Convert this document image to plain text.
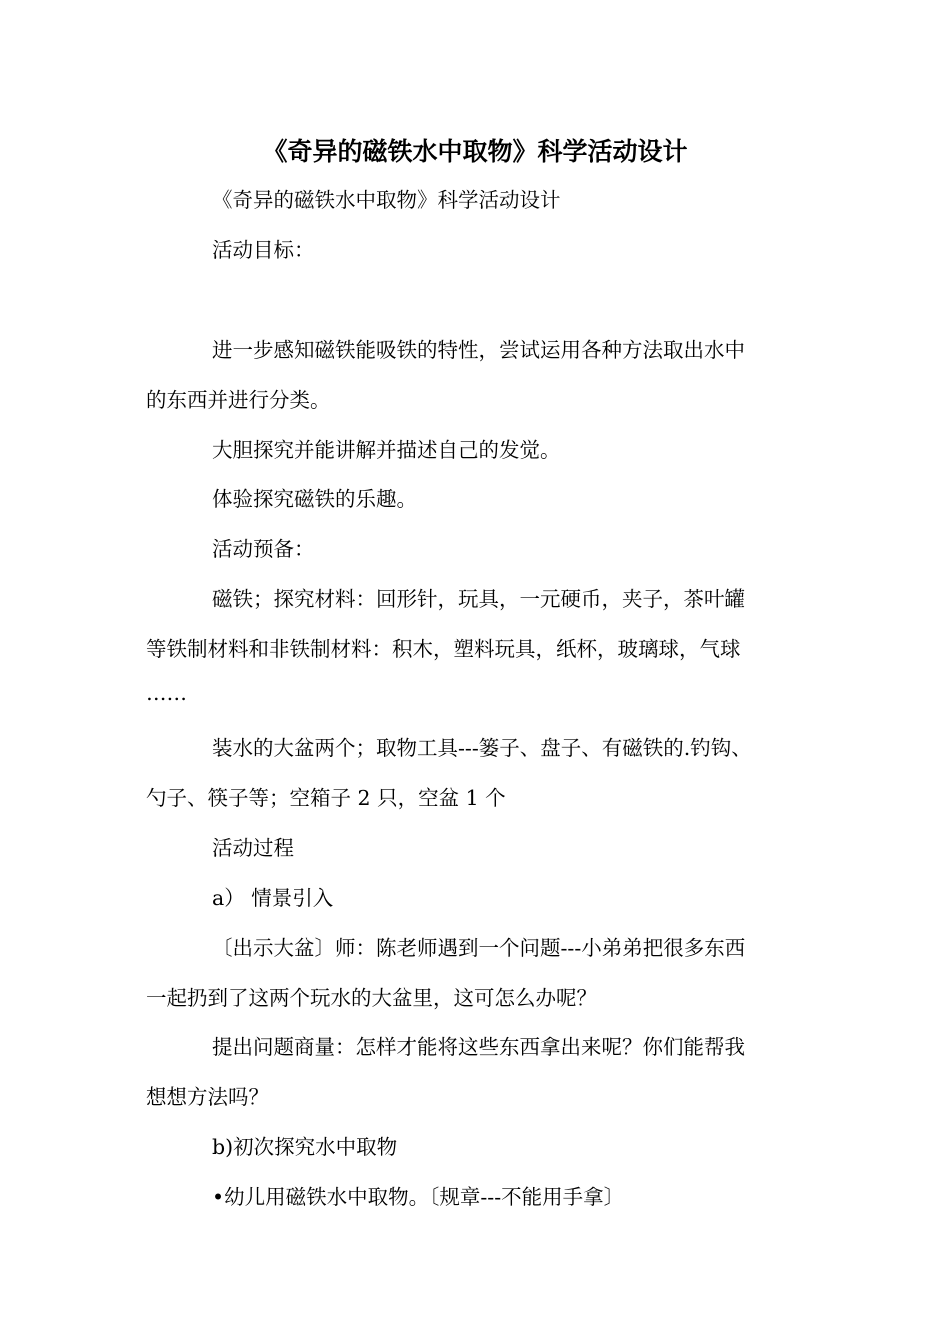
《奇异的磁铁水中取物》科学活动设计
《奇异的磁铁水中取物》科学活动设计
活动目标：
进一步感知磁铁能吸铁的特性，尝试运用各种方法取出水中
的东西并进行分类。
大胆探究并能讲解并描述自己的发觉。
体验探究磁铁的乐趣。
活动预备：
磁铁；探究材料：回形针，玩具，一元硬币，夹子，茶叶罐
等铁制材料和非铁制材料：积木，塑料玩具，纸杯，玻璃球，气球
……
装水的大盆两个；取物工具---篓子、盘子、有磁铁的.钓钩、
勺子、筷子等；空箱子 2 只，空盆 1 个
活动过程
a） 情景引入
〔出示大盆〕师：陈老师遇到一个问题---小弟弟把很多东西
一起扔到了这两个玩水的大盆里，这可怎么办呢？
提出问题商量：怎样才能将这些东西拿出来呢？你们能帮我
想想方法吗？
b)初次探究水中取物
•幼儿用磁铁水中取物。〔规章---不能用手拿〕
